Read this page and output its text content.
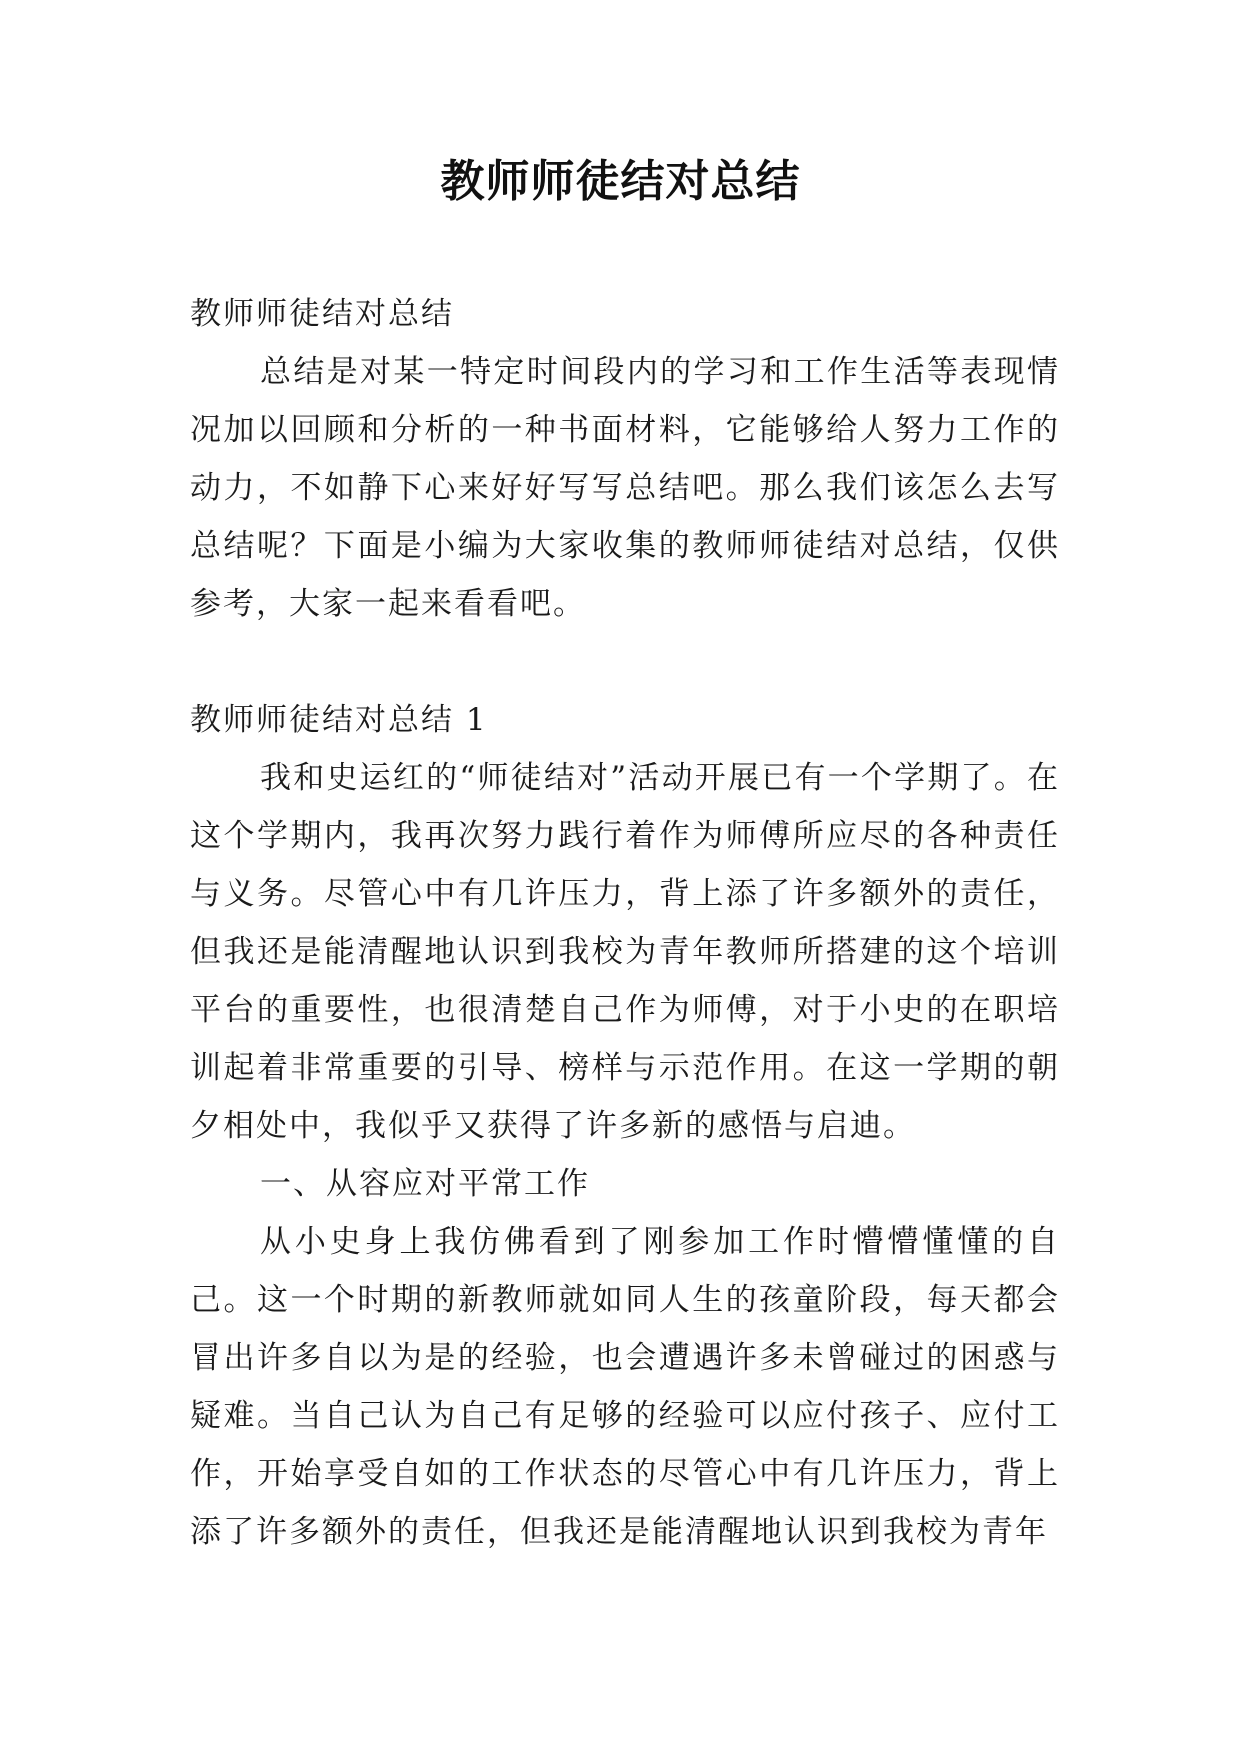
教师师徒结对总结

教师师徒结对总结

总结是对某一特定时间段内的学习和工作生活等表现情况加以回顾和分析的一种书面材料，它能够给人努力工作的动力，不如静下心来好好写写总结吧。那么我们该怎么去写总结呢？下面是小编为大家收集的教师师徒结对总结，仅供参考，大家一起来看看吧。

教师师徒结对总结 1

我和史运红的“师徒结对”活动开展已有一个学期了。在这个学期内，我再次努力践行着作为师傅所应尽的各种责任与义务。尽管心中有几许压力，背上添了许多额外的责任，但我还是能清醒地认识到我校为青年教师所搭建的这个培训平台的重要性，也很清楚自己作为师傅，对于小史的在职培训起着非常重要的引导、榜样与示范作用。在这一学期的朝夕相处中，我似乎又获得了许多新的感悟与启迪。

一、从容应对平常工作

从小史身上我仿佛看到了刚参加工作时懵懵懂懂的自己。这一个时期的新教师就如同人生的孩童阶段，每天都会冒出许多自以为是的经验，也会遭遇许多未曾碰过的困惑与疑难。当自己认为自己有足够的经验可以应付孩子、应付工作，开始享受自如的工作状态的尽管心中有几许压力，背上添了许多额外的责任，但我还是能清醒地认识到我校为青年
